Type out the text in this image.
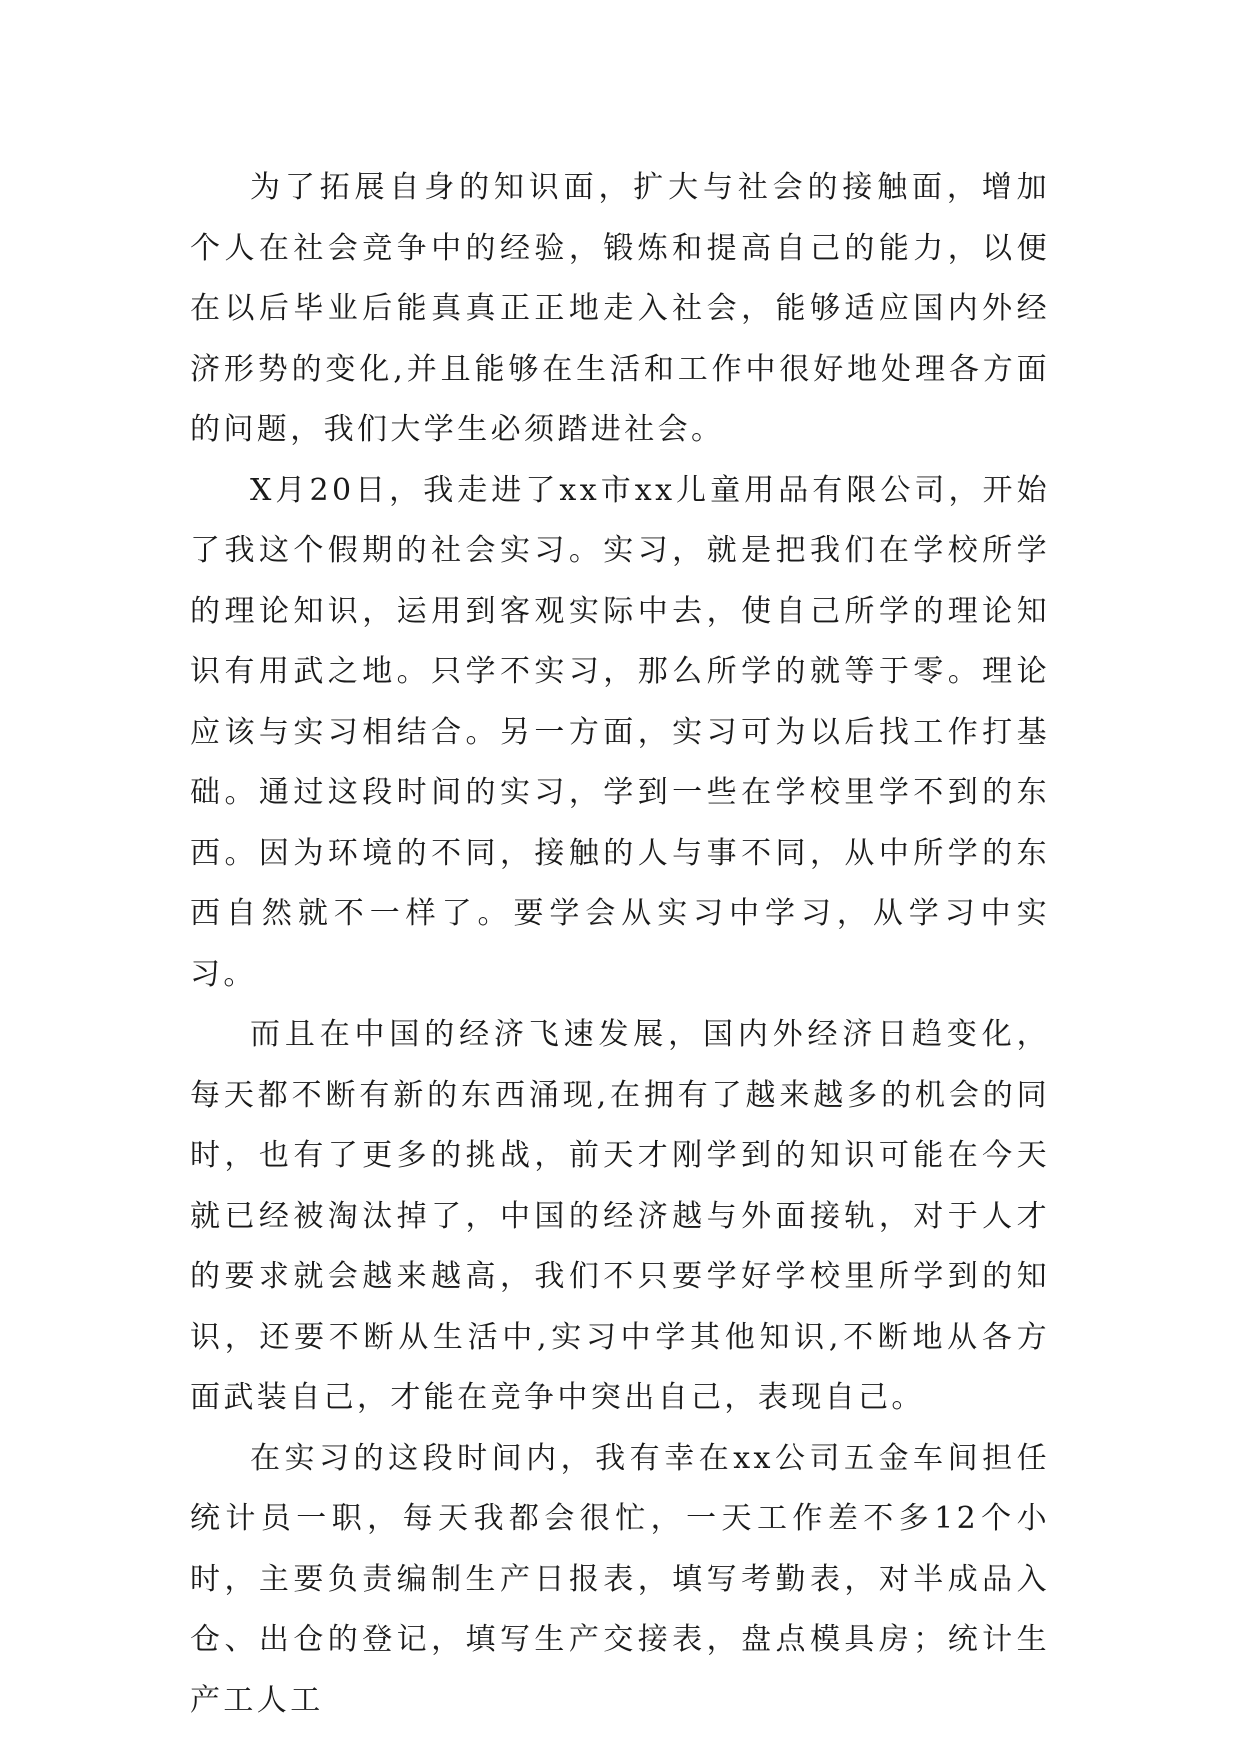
为了拓展自身的知识面，扩大与社会的接触面，增加个人在社会竞争中的经验，锻炼和提高自己的能力，以便在以后毕业后能真真正正地走入社会，能够适应国内外经济形势的变化,并且能够在生活和工作中很好地处理各方面的问题，我们大学生必须踏进社会。

X月20日，我走进了xx市xx儿童用品有限公司，开始了我这个假期的社会实习。实习，就是把我们在学校所学的理论知识，运用到客观实际中去，使自己所学的理论知识有用武之地。只学不实习，那么所学的就等于零。理论应该与实习相结合。另一方面，实习可为以后找工作打基础。通过这段时间的实习，学到一些在学校里学不到的东西。因为环境的不同，接触的人与事不同，从中所学的东西自然就不一样了。要学会从实习中学习，从学习中实习。

而且在中国的经济飞速发展，国内外经济日趋变化，每天都不断有新的东西涌现,在拥有了越来越多的机会的同时，也有了更多的挑战，前天才刚学到的知识可能在今天就已经被淘汰掉了，中国的经济越与外面接轨，对于人才的要求就会越来越高，我们不只要学好学校里所学到的知识，还要不断从生活中,实习中学其他知识,不断地从各方面武装自己，才能在竞争中突出自己，表现自己。

在实习的这段时间内，我有幸在xx公司五金车间担任统计员一职，每天我都会很忙，一天工作差不多12个小时，主要负责编制生产日报表，填写考勤表，对半成品入仓、出仓的登记，填写生产交接表，盘点模具房；统计生产工人工
